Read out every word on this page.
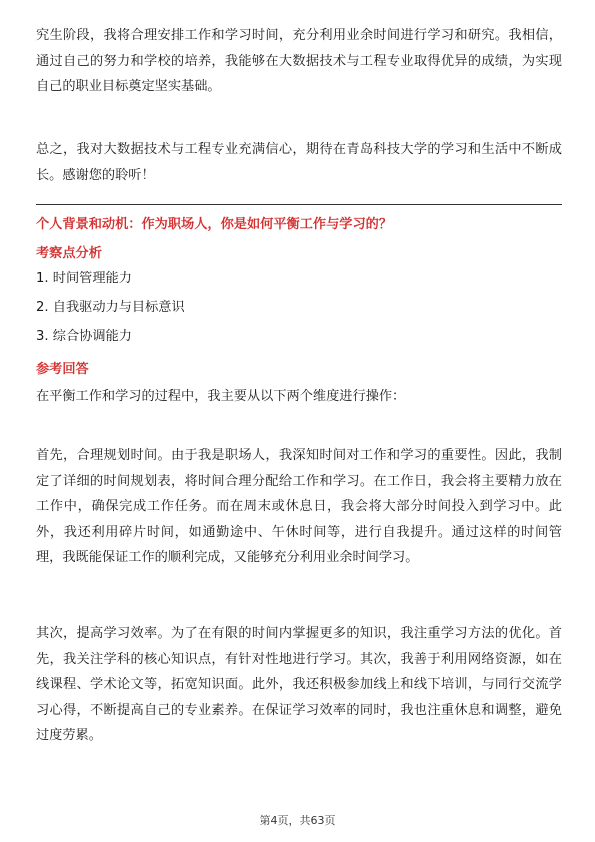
究生阶段，我将合理安排工作和学习时间，充分利用业余时间进行学习和研究。我相信，通过自己的努力和学校的培养，我能够在大数据技术与工程专业取得优异的成绩，为实现自己的职业目标奠定坚实基础。

总之，我对大数据技术与工程专业充满信心，期待在青岛科技大学的学习和生活中不断成长。感谢您的聆听！

个人背景和动机：作为职场人，你是如何平衡工作与学习的？

考察点分析

1. 时间管理能力

2. 自我驱动力与目标意识

3. 综合协调能力

参考回答

在平衡工作和学习的过程中，我主要从以下两个维度进行操作：

首先，合理规划时间。由于我是职场人，我深知时间对工作和学习的重要性。因此，我制定了详细的时间规划表，将时间合理分配给工作和学习。在工作日，我会将主要精力放在工作中，确保完成工作任务。而在周末或休息日，我会将大部分时间投入到学习中。此外，我还利用碎片时间，如通勤途中、午休时间等，进行自我提升。通过这样的时间管理，我既能保证工作的顺利完成，又能够充分利用业余时间学习。

其次，提高学习效率。为了在有限的时间内掌握更多的知识，我注重学习方法的优化。首先，我关注学科的核心知识点，有针对性地进行学习。其次，我善于利用网络资源，如在线课程、学术论文等，拓宽知识面。此外，我还积极参加线上和线下培训，与同行交流学习心得，不断提高自己的专业素养。在保证学习效率的同时，我也注重休息和调整，避免过度劳累。

第4页，共63页
